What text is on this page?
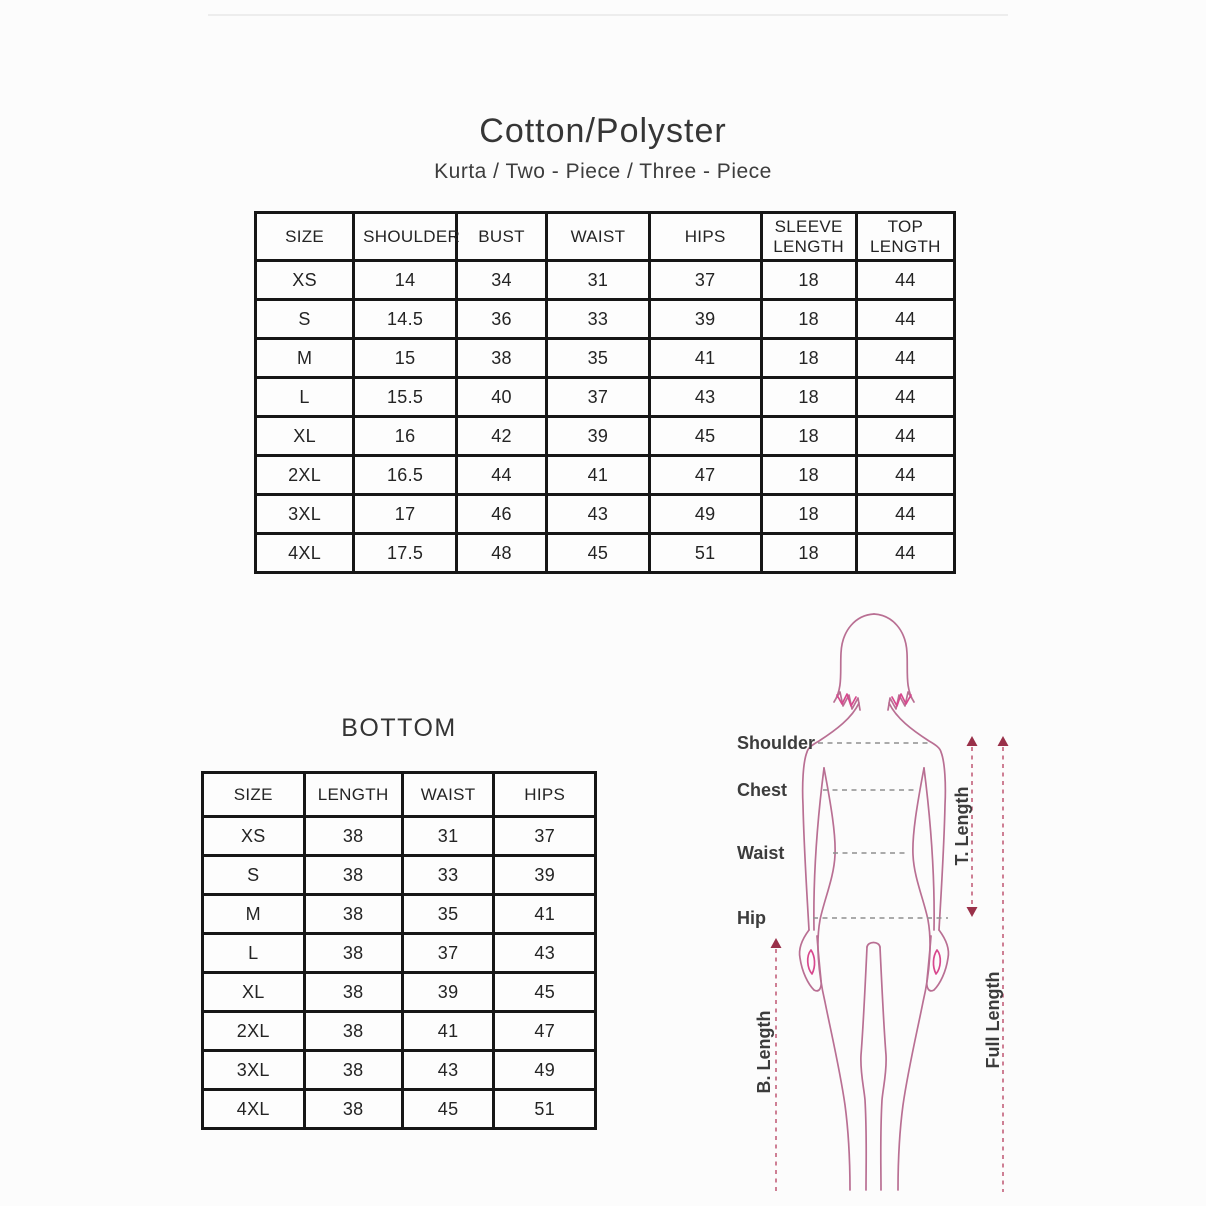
Cotton/Polyster
Kurta / Two - Piece / Three - Piece
SIZE	SHOULDER	BUST	WAIST	HIPS	SLEEVE LENGTH	TOP LENGTH
XS	14	34	31	37	18	44
S	14.5	36	33	39	18	44
M	15	38	35	41	18	44
L	15.5	40	37	43	18	44
XL	16	42	39	45	18	44
2XL	16.5	44	41	47	18	44
3XL	17	46	43	49	18	44
4XL	17.5	48	45	51	18	44
BOTTOM
SIZE	LENGTH	WAIST	HIPS
XS	38	31	37
S	38	33	39
M	38	35	41
L	38	37	43
XL	38	39	45
2XL	38	41	47
3XL	38	43	49
4XL	38	45	51
Shoulder
Chest
Waist
Hip
T. Length
B. Length	Full Length
